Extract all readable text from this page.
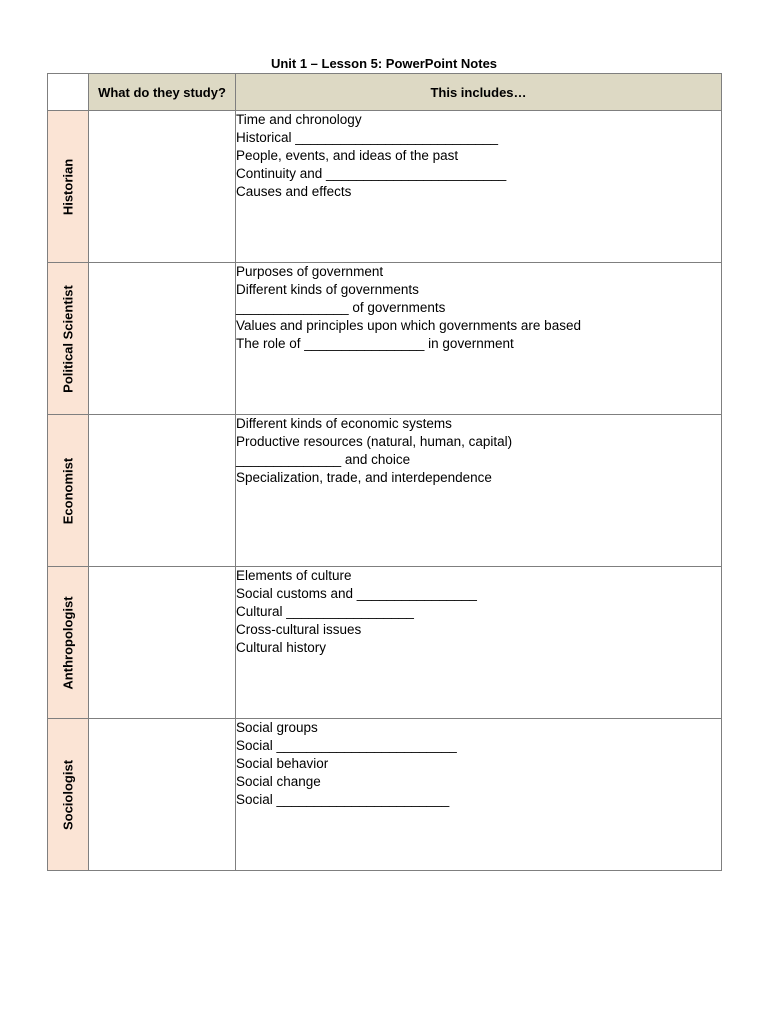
Unit 1 – Lesson 5: PowerPoint Notes
	What do they study?	This includes…

Historian		Time and chronology
Historical ___________________________
People, events, and ideas of the past
Continuity and ________________________
Causes and effects

Political Scientist		Purposes of government
Different kinds of governments
_______________ of governments
Values and principles upon which governments are based
The role of ________________ in government

Economist		Different kinds of economic systems
Productive resources (natural, human, capital)
______________ and choice
Specialization, trade, and interdependence

Anthropologist		Elements of culture
Social customs and ________________
Cultural _________________
Cross-cultural issues
Cultural history

Sociologist		Social groups
Social ________________________
Social behavior
Social change
Social _______________________
